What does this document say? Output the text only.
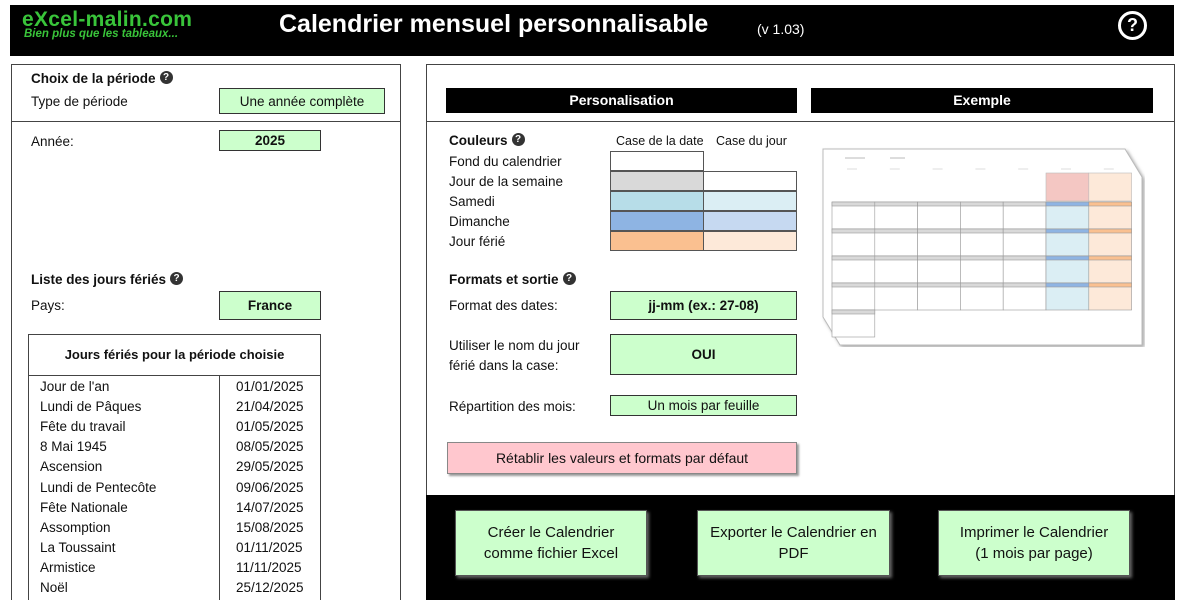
eXcel-malin.com
Bien plus que les tableaux...	Calendrier mensuel personnalisable	(v 1.03)	?
Choix de la période ?
Type de période	Une année complète
Année:	2025
Liste des jours fériés ?
Pays:	France
Jours fériés pour la période choisie
Jour de l'an	01/01/2025
Lundi de Pâques	21/04/2025
Fête du travail	01/05/2025
8 Mai 1945	08/05/2025
Ascension	29/05/2025
Lundi de Pentecôte	09/06/2025
Fête Nationale	14/07/2025
Assomption	15/08/2025
La Toussaint	01/11/2025
Armistice	11/11/2025
Noël	25/12/2025
Personalisation	Exemple
Couleurs ?	Case de la date Case du jour
Fond du calendrier
Jour de la semaine
Samedi
Dimanche
Jour férié
Formats et sortie ?
Format des dates:	jj-mm (ex.: 27-08)
Utiliser le nom du jour
férié dans la case:
OUI
Répartition des mois:	Un mois par feuille
Rétablir les valeurs et formats par défaut
Créer le Calendrier
comme fichier Excel
Exporter le Calendrier en
PDF
Imprimer le Calendrier
(1 mois par page)
